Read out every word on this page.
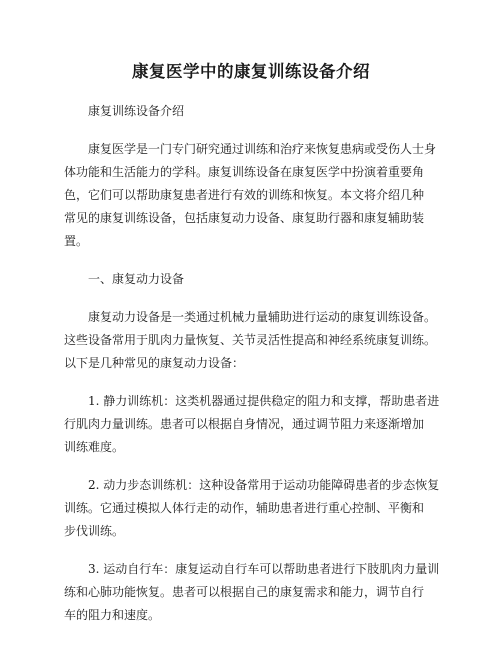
康复医学中的康复训练设备介绍

康复训练设备介绍

康复医学是一门专门研究通过训练和治疗来恢复患病或受伤人士身
体功能和生活能力的学科。康复训练设备在康复医学中扮演着重要角
色，它们可以帮助康复患者进行有效的训练和恢复。本文将介绍几种
常见的康复训练设备，包括康复动力设备、康复助行器和康复辅助装
置。

一、康复动力设备

康复动力设备是一类通过机械力量辅助进行运动的康复训练设备。
这些设备常用于肌肉力量恢复、关节灵活性提高和神经系统康复训练。
以下是几种常见的康复动力设备：

1. 静力训练机：这类机器通过提供稳定的阻力和支撑，帮助患者进
行肌肉力量训练。患者可以根据自身情况，通过调节阻力来逐渐增加
训练难度。

2. 动力步态训练机：这种设备常用于运动功能障碍患者的步态恢复
训练。它通过模拟人体行走的动作，辅助患者进行重心控制、平衡和
步伐训练。

3. 运动自行车：康复运动自行车可以帮助患者进行下肢肌肉力量训
练和心肺功能恢复。患者可以根据自己的康复需求和能力，调节自行
车的阻力和速度。
